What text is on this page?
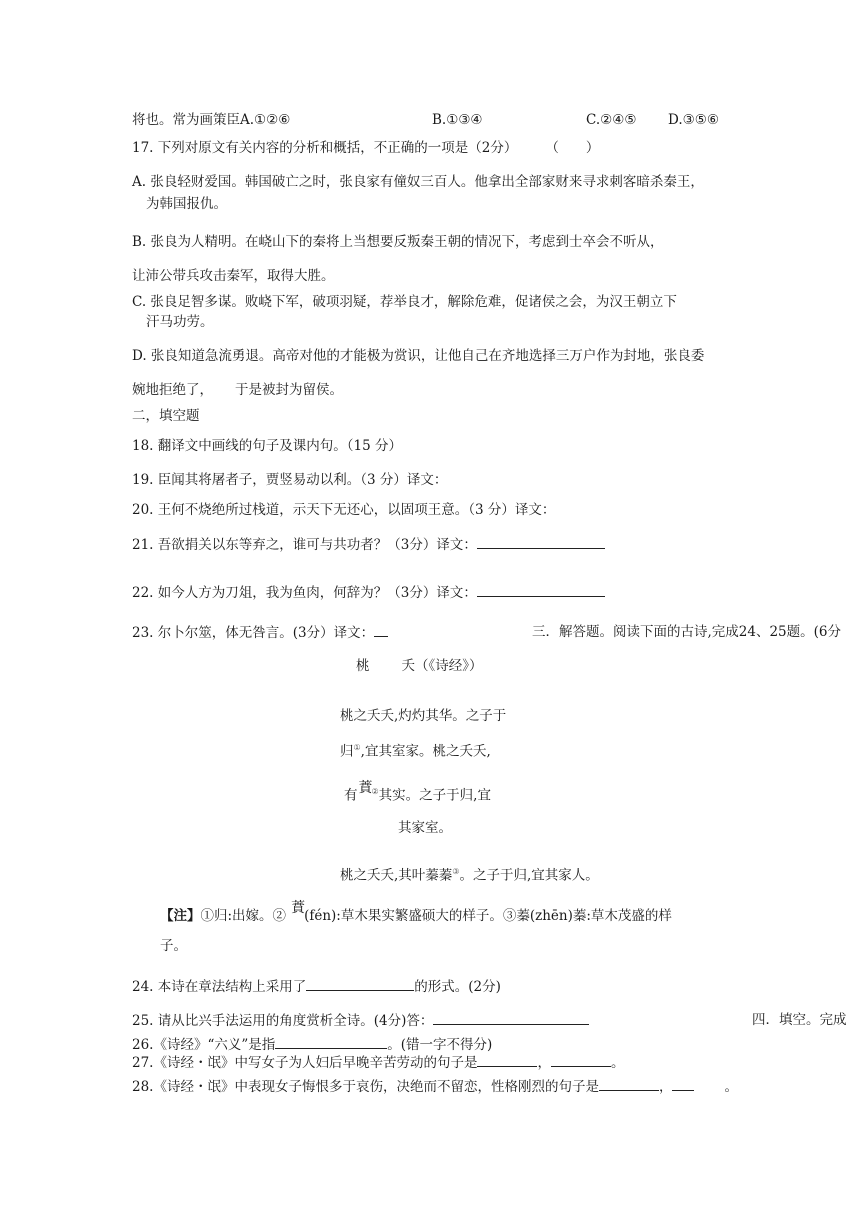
将也。常为画策臣A.①②⑥	B.①③④	C.②④⑤ D.③⑤⑥
17. 下列对原文有关内容的分析和概括，不正确的一项是（2分） （　　）
A. 张良轻财爱国。韩国破亡之时，张良家有僮奴三百人。他拿出全部家财来寻求刺客暗杀秦王，
为韩国报仇。
B. 张良为人精明。在峣山下的秦将上当想要反叛秦王朝的情况下，考虑到士卒会不听从，
让沛公带兵攻击秦军，取得大胜。
C. 张良足智多谋。败峣下军，破项羽疑，荐举良才，解除危难，促诸侯之会，为汉王朝立下
汗马功劳。
D. 张良知道急流勇退。高帝对他的才能极为赏识，让他自己在齐地选择三万户作为封地，张良委
婉地拒绝了， 于是被封为留侯。
二，填空题
18. 翻译文中画线的句子及课内句。（15 分）
19. 臣闻其将屠者子，贾竖易动以利。（3 分）译文：
20. 王何不烧绝所过栈道，示天下无还心，以固项王意。（3 分）译文：
21. 吾欲捐关以东等弃之，谁可与共功者？（3分）译文：
22. 如今人方为刀俎，我为鱼肉，何辞为？（3分）译文：
23. 尔卜尔筮，体无咎言。(3分）译文：	三．解答题。阅读下面的古诗,完成24、25题。(6分
桃 夭（《诗经》）
桃之夭夭,灼灼其华。之子于
归①,宜其室家。桃之夭夭,
有 蕡 ②其实。之子于归,宜
其家室。
桃之夭夭,其叶蓁蓁③。之子于归,宜其家人。
【注】①归:出嫁。② 蕡 (fén):草木果实繁盛硕大的样子。③蓁(zhēn)蓁:草木茂盛的样
子。
24. 本诗在章法结构上采用了	的形式。(2分)
25. 请从比兴手法运用的角度赏析全诗。(4分)答：	四．填空。完成
26.《诗经》“六义”是指	。(错一字不得分)
27.《诗经・氓》中写女子为人妇后早晚辛苦劳动的句子是	，	。
28.《诗经・氓》中表现女子悔恨多于哀伤，决绝而不留恋，性格刚烈的句子是	，	。
